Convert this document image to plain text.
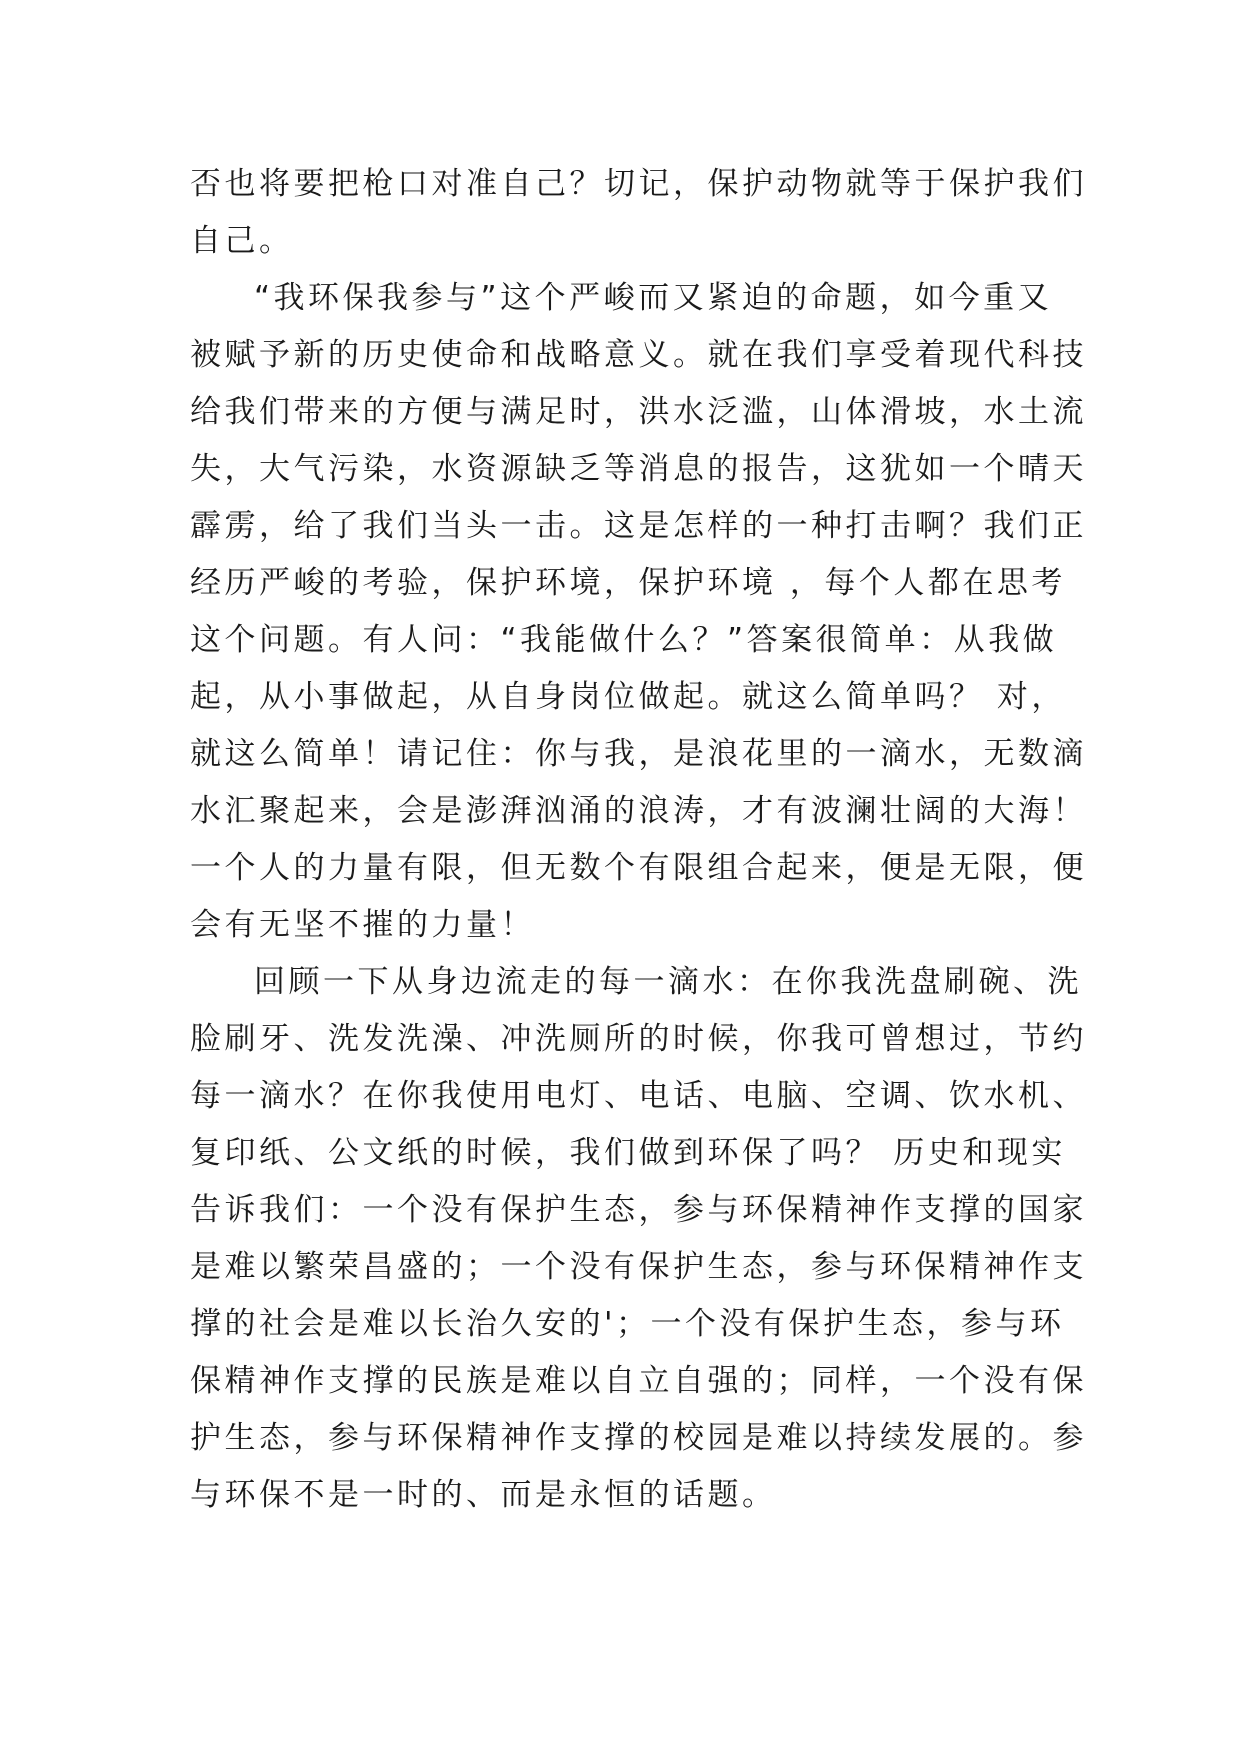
否也将要把枪口对准自己？切记，保护动物就等于保护我们
自己。
“我环保我参与”这个严峻而又紧迫的命题，如今重又
被赋予新的历史使命和战略意义。就在我们享受着现代科技
给我们带来的方便与满足时，洪水泛滥，山体滑坡，水土流
失，大气污染，水资源缺乏等消息的报告，这犹如一个晴天
霹雳，给了我们当头一击。这是怎样的一种打击啊？我们正
经历严峻的考验，保护环境，保护环境 ，每个人都在思考
这个问题。有人问：“我能做什么？”答案很简单：从我做
起，从小事做起，从自身岗位做起。就这么简单吗？ 对，
就这么简单！请记住：你与我，是浪花里的一滴水，无数滴
水汇聚起来，会是澎湃汹涌的浪涛，才有波澜壮阔的大海！
一个人的力量有限，但无数个有限组合起来，便是无限，便
会有无坚不摧的力量！
回顾一下从身边流走的每一滴水：在你我洗盘刷碗、洗
脸刷牙、洗发洗澡、冲洗厕所的时候，你我可曾想过，节约
每一滴水？在你我使用电灯、电话、电脑、空调、饮水机、
复印纸、公文纸的时候，我们做到环保了吗？ 历史和现实
告诉我们：一个没有保护生态，参与环保精神作支撑的国家
是难以繁荣昌盛的；一个没有保护生态，参与环保精神作支
撑的社会是难以长治久安的'；一个没有保护生态，参与环
保精神作支撑的民族是难以自立自强的；同样，一个没有保
护生态，参与环保精神作支撑的校园是难以持续发展的。参
与环保不是一时的、而是永恒的话题。
